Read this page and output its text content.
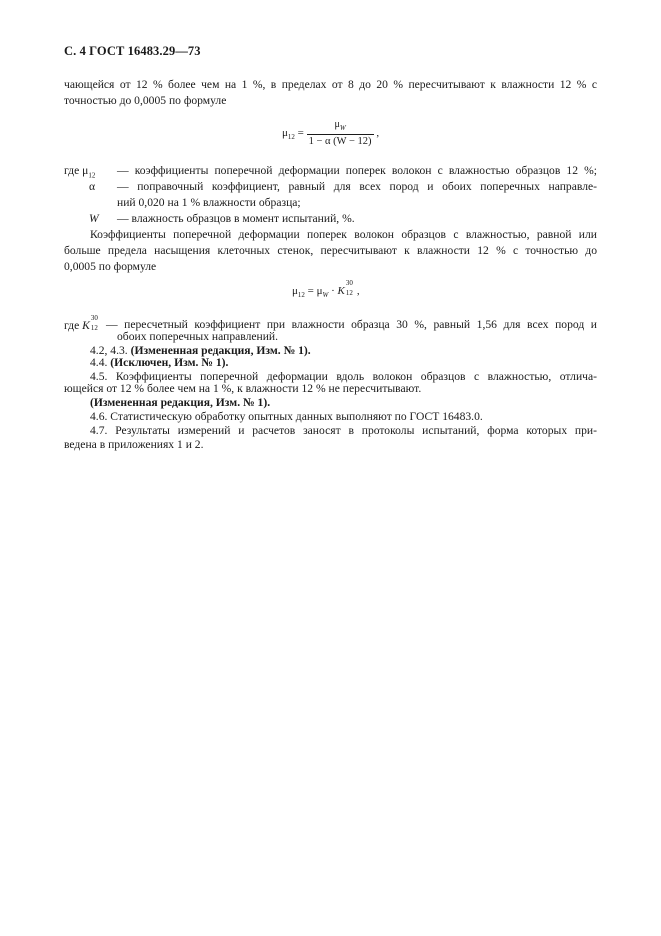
С. 4 ГОСТ 16483.29—73
чающейся от 12 % более чем на 1 %, в пределах от 8 до 20 % пересчитывают к влажности 12 % с
точностью до 0,0005 по формуле
$\mu_{12} = \frac{\mu_W}{1 - \alpha (W - 12)}$ ,
где $\mu_{12}$ — коэффициенты поперечной деформации поперек волокон с влажностью образцов 12 %;
α — поправочный коэффициент, равный для всех пород и обоих поперечных направле-
ний 0,020 на 1 % влажности образца;
W — влажность образцов в момент испытаний, %.
Коэффициенты поперечной деформации поперек волокон образцов с влажностью, равной или
больше предела насыщения клеточных стенок, пересчитывают к влажности 12 % с точностью до
0,0005 по формуле
$\mu_{12} = \mu_W \cdot K$
30
12 ,
где K
30
12 — пересчетный коэффициент при влажности образца 30 %, равный 1,56 для всех пород и
обоих поперечных направлений.
4.2, 4.3. (Измененная редакция, Изм. № 1).
4.4. (Исключен, Изм. № 1).
4.5. Коэффициенты поперечной деформации вдоль волокон образцов с влажностью, отлича-
ющейся от 12 % более чем на 1 %, к влажности 12 % не пересчитывают.
(Измененная редакция, Изм. № 1).
4.6. Статистическую обработку опытных данных выполняют по ГОСТ 16483.0.
4.7. Результаты измерений и расчетов заносят в протоколы испытаний, форма которых при-
ведена в приложениях 1 и 2.
